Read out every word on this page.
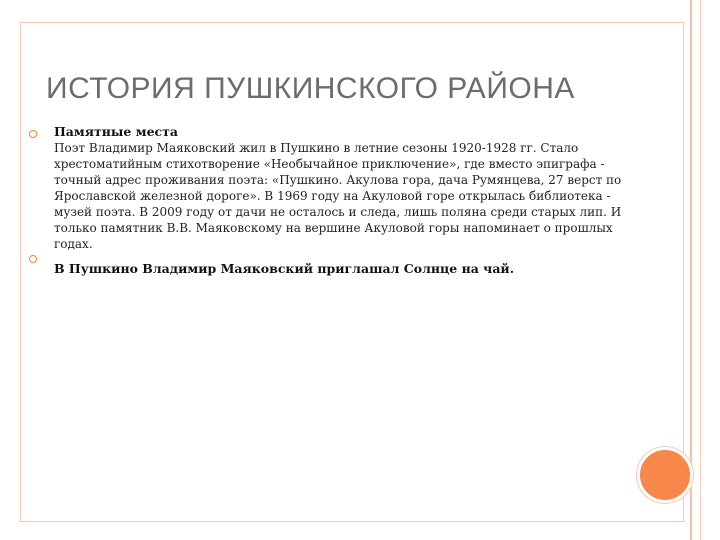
ИСТОРИЯ ПУШКИНСКОГО РАЙОНА
Памятные места
Поэт Владимир Маяковский жил в Пушкино в летние сезоны 1920-1928 гг. Стало
хрестоматийным стихотворение «Необычайное приключение», где вместо эпиграфа -
точный адрес проживания поэта: «Пушкино. Акулова гора, дача Румянцева, 27 верст по
Ярославской железной дороге». В 1969 году на Акуловой горе открылась библиотека -
музей поэта. В 2009 году от дачи не осталось и следа, лишь поляна среди старых лип. И
только памятник В.В. Маяковскому на вершине Акуловой горы напоминает о прошлых
годах.
В Пушкино Владимир Маяковский приглашал Солнце на чай.
